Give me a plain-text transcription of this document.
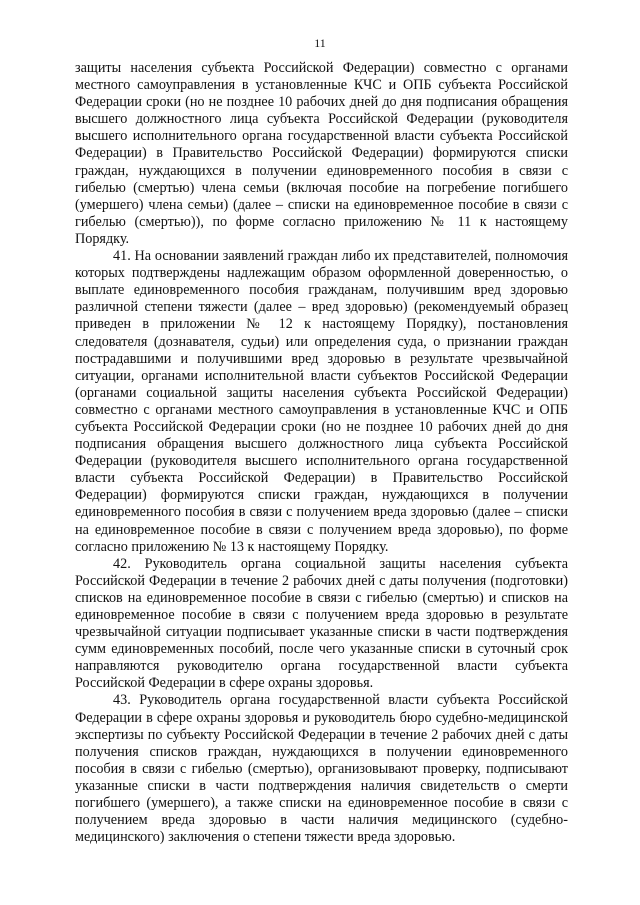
11

защиты населения субъекта Российской Федерации) совместно с органами местного самоуправления в установленные КЧС и ОПБ субъекта Российской Федерации сроки (но не позднее 10 рабочих дней до дня подписания обращения высшего должностного лица субъекта Российской Федерации (руководителя высшего исполнительного органа государственной власти субъекта Российской Федерации) в Правительство Российской Федерации) формируются списки граждан, нуждающихся в получении единовременного пособия в связи с гибелью (смертью) члена семьи (включая пособие на погребение погибшего (умершего) члена семьи) (далее – списки на единовременное пособие в связи с гибелью (смертью)), по форме согласно приложению № 11 к настоящему Порядку.

41. На основании заявлений граждан либо их представителей, полномочия которых подтверждены надлежащим образом оформленной доверенностью, о выплате единовременного пособия гражданам, получившим вред здоровью различной степени тяжести (далее – вред здоровью) (рекомендуемый образец приведен в приложении № 12 к настоящему Порядку), постановления следователя (дознавателя, судьи) или определения суда, о признании граждан пострадавшими и получившими вред здоровью в результате чрезвычайной ситуации, органами исполнительной власти субъектов Российской Федерации (органами социальной защиты населения субъекта Российской Федерации) совместно с органами местного самоуправления в установленные КЧС и ОПБ субъекта Российской Федерации сроки (но не позднее 10 рабочих дней до дня подписания обращения высшего должностного лица субъекта Российской Федерации (руководителя высшего исполнительного органа государственной власти субъекта Российской Федерации) в Правительство Российской Федерации) формируются списки граждан, нуждающихся в получении единовременного пособия в связи с получением вреда здоровью (далее – списки на единовременное пособие в связи с получением вреда здоровью), по форме согласно приложению № 13 к настоящему Порядку.

42. Руководитель органа социальной защиты населения субъекта Российской Федерации в течение 2 рабочих дней с даты получения (подготовки) списков на единовременное пособие в связи с гибелью (смертью) и списков на единовременное пособие в связи с получением вреда здоровью в результате чрезвычайной ситуации подписывает указанные списки в части подтверждения сумм единовременных пособий, после чего указанные списки в суточный срок направляются руководителю органа государственной власти субъекта Российской Федерации в сфере охраны здоровья.

43. Руководитель органа государственной власти субъекта Российской Федерации в сфере охраны здоровья и руководитель бюро судебно-медицинской экспертизы по субъекту Российской Федерации в течение 2 рабочих дней с даты получения списков граждан, нуждающихся в получении единовременного пособия в связи с гибелью (смертью), организовывают проверку, подписывают указанные списки в части подтверждения наличия свидетельств о смерти погибшего (умершего), а также списки на единовременное пособие в связи с получением вреда здоровью в части наличия медицинского (судебно-медицинского) заключения о степени тяжести вреда здоровью.
